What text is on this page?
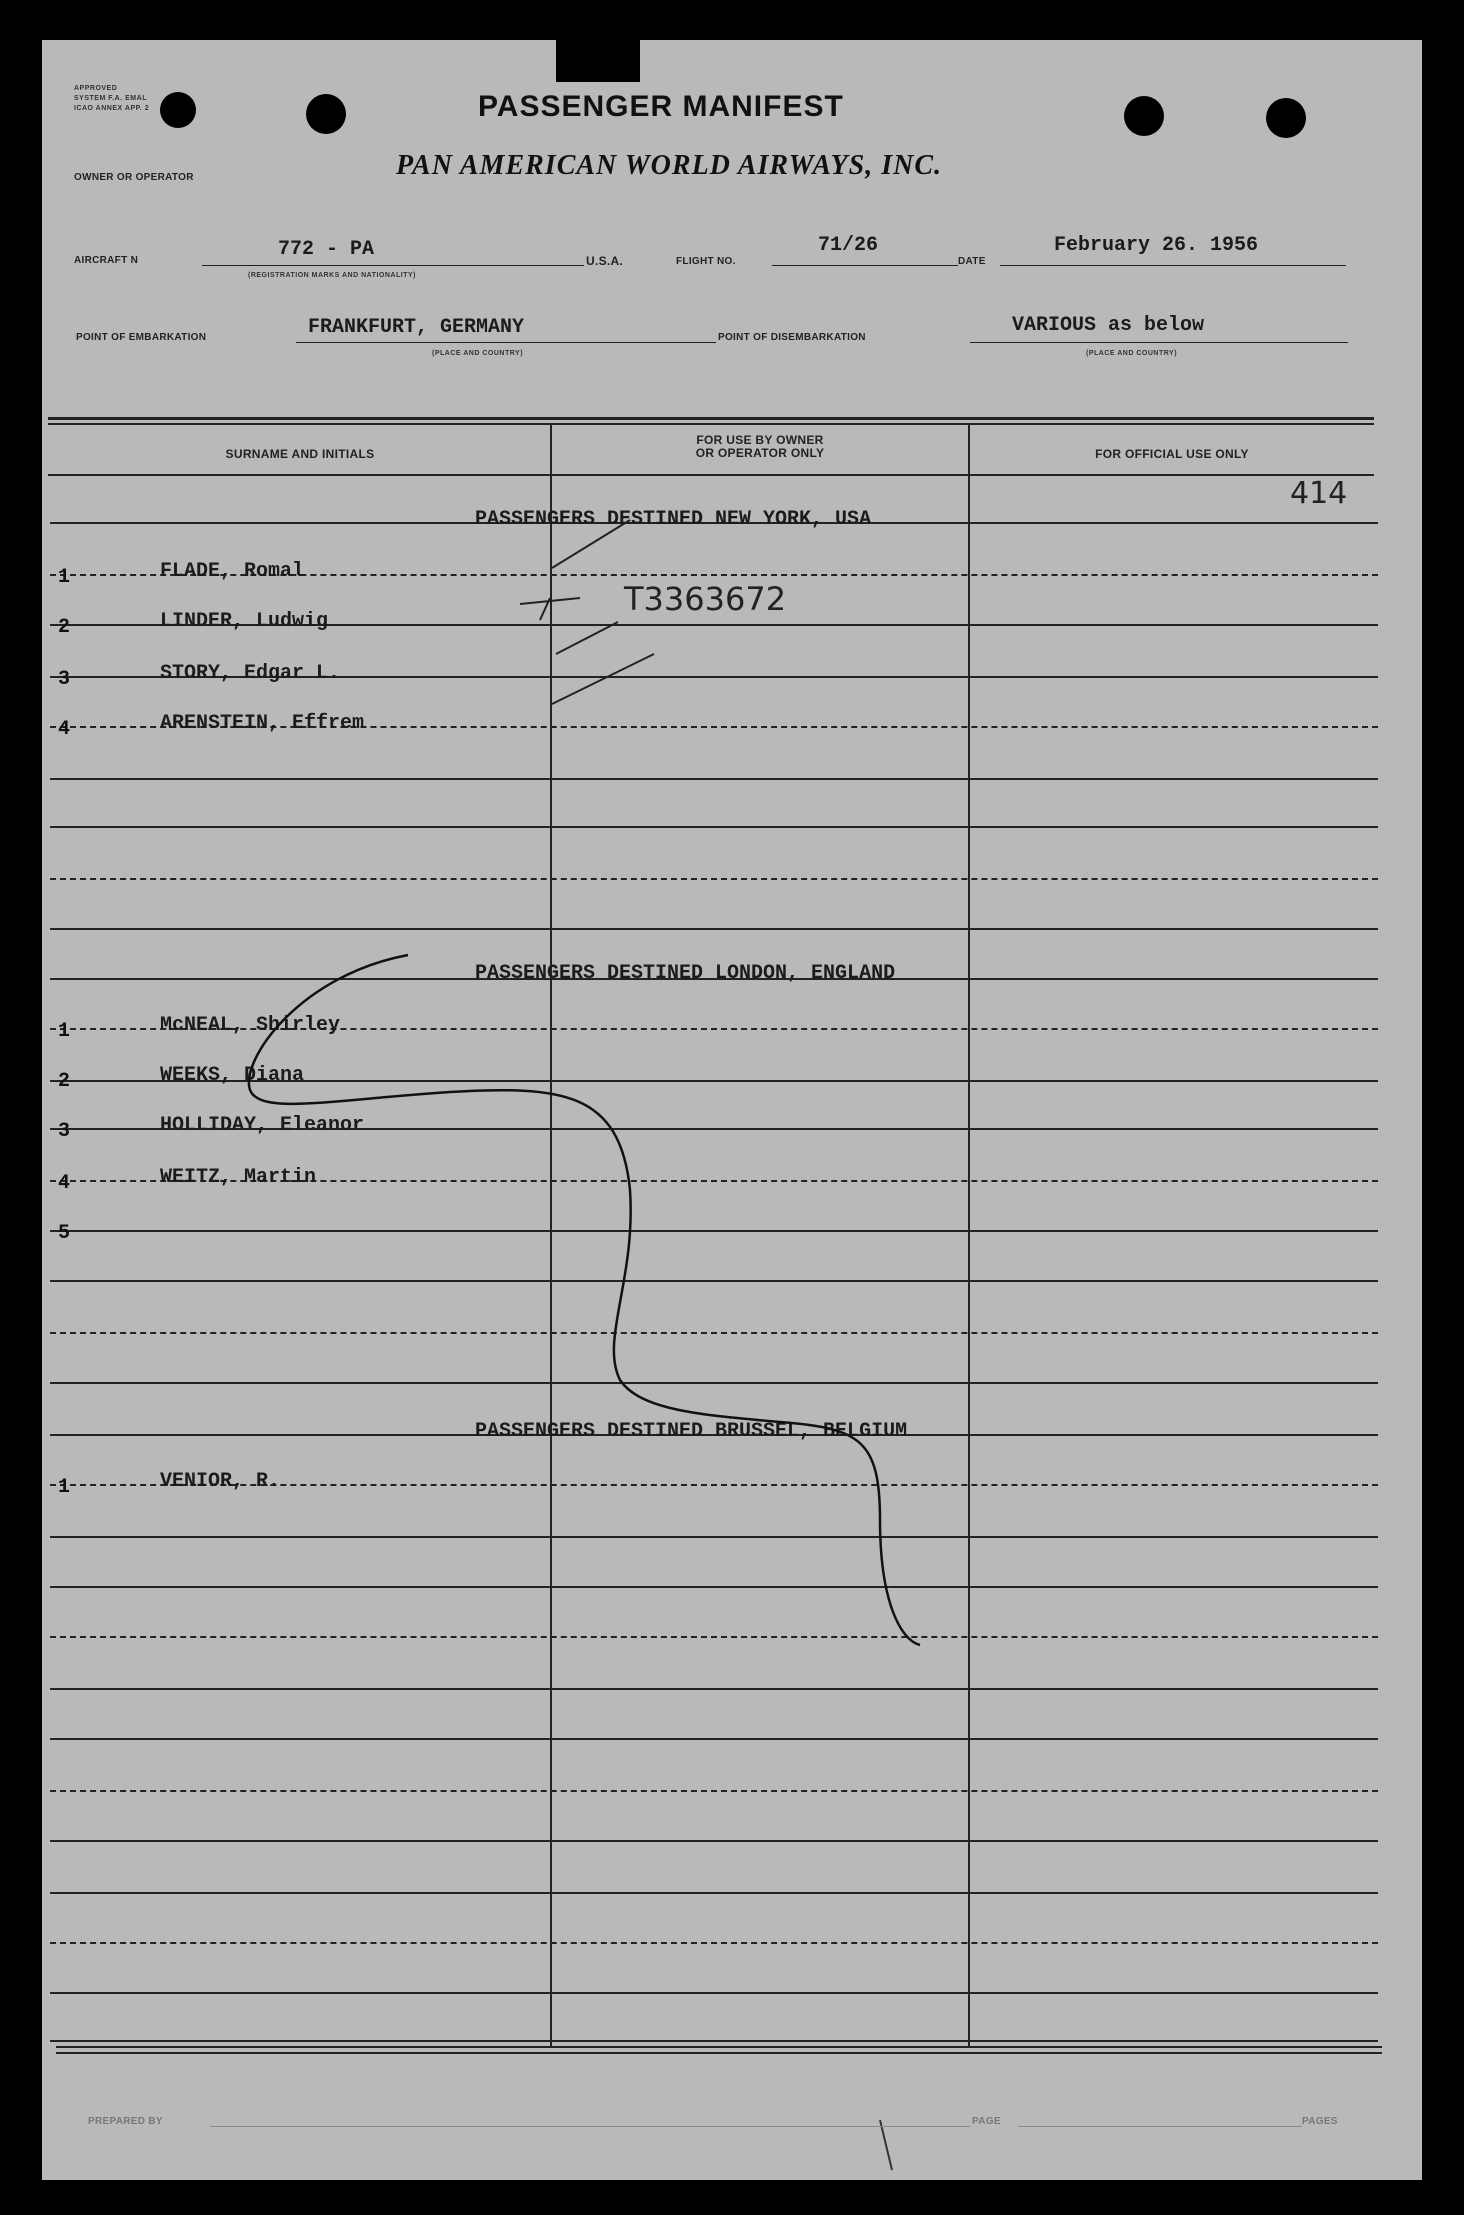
APPROVED
SYSTEM F.A. EMAL
ICAO ANNEX APP. 2	PASSENGER MANIFEST
OWNER OR OPERATOR	PAN AMERICAN WORLD AIRWAYS, INC.
AIRCRAFT N	772 - PA
(REGISTRATION MARKS AND NATIONALITY)
U.S.A.	FLIGHT NO.
71/26
DATE
February 26. 1956
POINT OF EMBARKATION	FRANKFURT, GERMANY
(PLACE AND COUNTRY)
POINT OF DISEMBARKATION
VARIOUS as below
(PLACE AND COUNTRY)
SURNAME AND INITIALS
FOR USE BY OWNER
OR OPERATOR ONLY	FOR OFFICIAL USE ONLY
PASSENGERS DESTINED NEW YORK, USA
1	FLADE, Romal
2	LINDER, Ludwig
3	STORY, Edgar L.
4	ARENSTEIN, Effrem
PASSENGERS DESTINED LONDON, ENGLAND
1	McNEAL, Shirley
2	WEEKS, Diana
3	HOLLIDAY, Eleanor
4	WEITZ, Martin
5
PASSENGERS DESTINED BRUSSEL, BELGIUM
1	VENIOR, R.
414
T3363672
PREPARED BY	PAGE	PAGES
